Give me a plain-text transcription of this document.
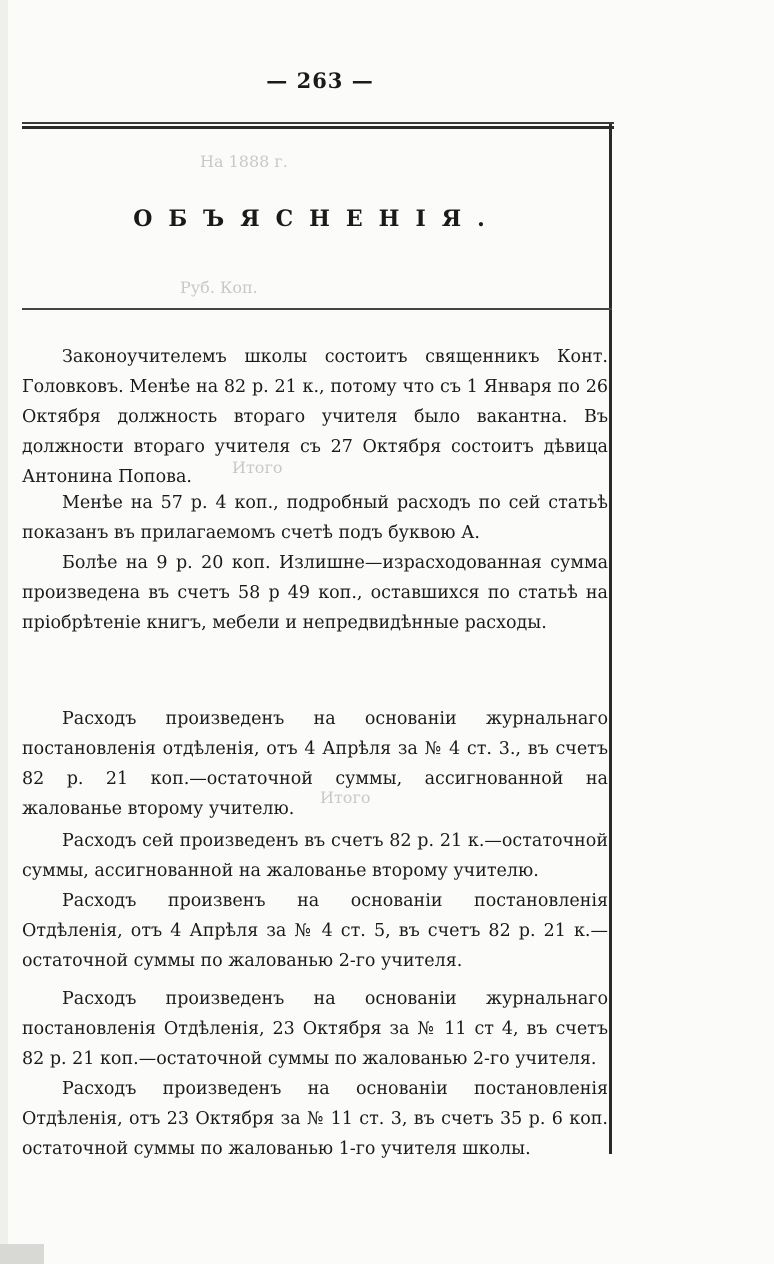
На 1888 г.
Руб. Коп.
Итого
Итого
— 263 —
ОБЪЯСНЕНІЯ.

Законоучителемъ школы состоитъ священникъ Конт. Головковъ. Менѣе на 82 р. 21 к., потому что съ 1 Января по 26 Октября должность втораго учителя было вакантна. Въ должности втораго учителя съ 27 Октября состоитъ дѣвица Антонина Попова.

Менѣе на 57 р. 4 коп., подробный расходъ по сей статьѣ показанъ въ прилагаемомъ счетѣ подъ буквою А.

Болѣе на 9 р. 20 коп. Излишне—израсходованная сумма произведена въ счетъ 58 р 49 коп., оставшихся по статьѣ на пріобрѣтеніе книгъ, мебели и непредвидѣнные расходы.

Расходъ произведенъ на основаніи журнальнаго постановленія отдѣленія, отъ 4 Апрѣля за № 4 ст. 3., въ счетъ 82 р. 21 коп.—остаточной суммы, ассигнованной на жалованье второму учителю.

Расходъ сей произведенъ въ счетъ 82 р. 21 к.—остаточной суммы, ассигнованной на жалованье второму учителю.

Расходъ произвенъ на основаніи постановленія Отдѣленія, отъ 4 Апрѣля за № 4 ст. 5, въ счетъ 82 р. 21 к.—остаточной суммы по жалованью 2-го учителя.

Расходъ произведенъ на основаніи журнальнаго постановленія Отдѣленія, 23 Октября за № 11 ст 4, въ счетъ 82 р. 21 коп.—остаточной суммы по жалованью 2-го учителя.

Расходъ произведенъ на основаніи постановленія Отдѣленія, отъ 23 Октября за № 11 ст. 3, въ счетъ 35 р. 6 коп. остаточной суммы по жалованью 1-го учителя школы.
